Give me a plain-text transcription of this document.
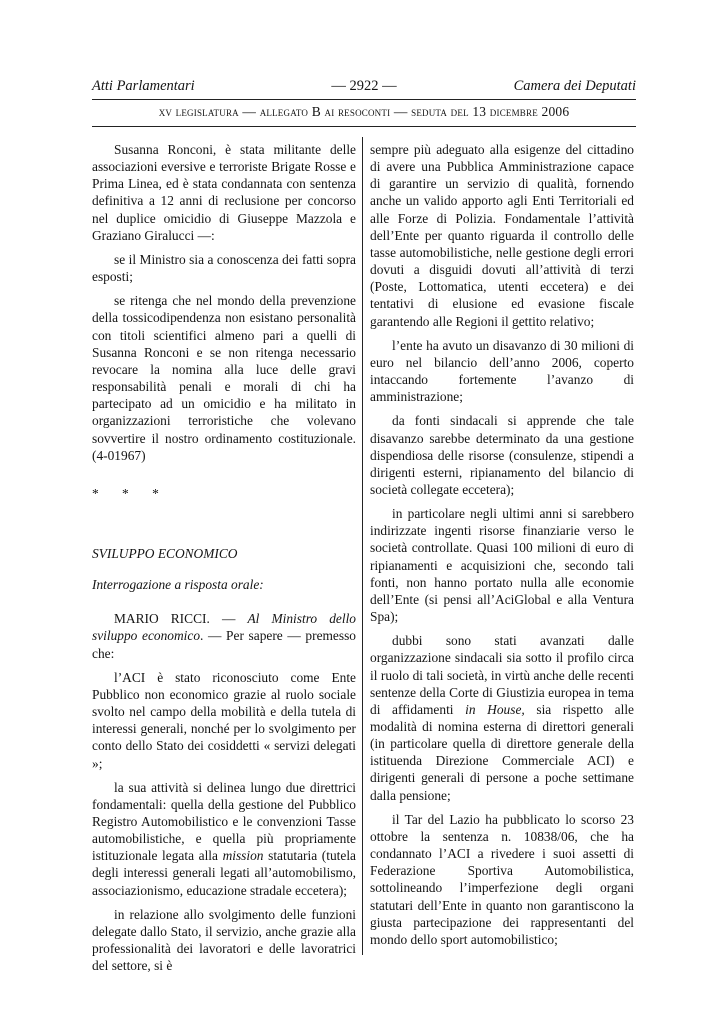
Atti Parlamentari	— 2922 —	Camera dei Deputati
xv legislatura — allegato B ai resoconti — seduta del 13 dicembre 2006

Susanna Ronconi, è stata militante delle associazioni eversive e terroriste Brigate Rosse e Prima Linea, ed è stata condannata con sentenza definitiva a 12 anni di reclusione per concorso nel duplice omicidio di Giuseppe Mazzola e Graziano Giralucci —:

se il Ministro sia a conoscenza dei fatti sopra esposti;

se ritenga che nel mondo della prevenzione della tossicodipendenza non esistano personalità con titoli scientifici almeno pari a quelli di Susanna Ronconi e se non ritenga necessario revocare la nomina alla luce delle gravi responsabilità penali e morali di chi ha partecipato ad un omicidio e ha militato in organizzazioni terroristiche che volevano sovvertire il nostro ordinamento costituzionale. (4-01967)

* * *

SVILUPPO ECONOMICO

Interrogazione a risposta orale:

MARIO RICCI. — Al Ministro dello sviluppo economico. — Per sapere — premesso che:

l’ACI è stato riconosciuto come Ente Pubblico non economico grazie al ruolo sociale svolto nel campo della mobilità e della tutela di interessi generali, nonché per lo svolgimento per conto dello Stato dei cosiddetti « servizi delegati »;

la sua attività si delinea lungo due direttrici fondamentali: quella della gestione del Pubblico Registro Automobilistico e le convenzioni Tasse automobilistiche, e quella più propriamente istituzionale legata alla mission statutaria (tutela degli interessi generali legati all’automobilismo, associazionismo, educazione stradale eccetera);

in relazione allo svolgimento delle funzioni delegate dallo Stato, il servizio, anche grazie alla professionalità dei lavoratori e delle lavoratrici del settore, si è

sempre più adeguato alla esigenze del cittadino di avere una Pubblica Amministrazione capace di garantire un servizio di qualità, fornendo anche un valido apporto agli Enti Territoriali ed alle Forze di Polizia. Fondamentale l’attività dell’Ente per quanto riguarda il controllo delle tasse automobilistiche, nelle gestione degli errori dovuti a disguidi dovuti all’attività di terzi (Poste, Lottomatica, utenti eccetera) e dei tentativi di elusione ed evasione fiscale garantendo alle Regioni il gettito relativo;

l’ente ha avuto un disavanzo di 30 milioni di euro nel bilancio dell’anno 2006, coperto intaccando fortemente l’avanzo di amministrazione;

da fonti sindacali si apprende che tale disavanzo sarebbe determinato da una gestione dispendiosa delle risorse (consulenze, stipendi a dirigenti esterni, ripianamento del bilancio di società collegate eccetera);

in particolare negli ultimi anni si sarebbero indirizzate ingenti risorse finanziarie verso le società controllate. Quasi 100 milioni di euro di ripianamenti e acquisizioni che, secondo tali fonti, non hanno portato nulla alle economie dell’Ente (si pensi all’AciGlobal e alla Ventura Spa);

dubbi sono stati avanzati dalle organizzazione sindacali sia sotto il profilo circa il ruolo di tali società, in virtù anche delle recenti sentenze della Corte di Giustizia europea in tema di affidamenti in House, sia rispetto alle modalità di nomina esterna di direttori generali (in particolare quella di direttore generale della istituenda Direzione Commerciale ACI) e dirigenti generali di persone a poche settimane dalla pensione;

il Tar del Lazio ha pubblicato lo scorso 23 ottobre la sentenza n. 10838/06, che ha condannato l’ACI a rivedere i suoi assetti di Federazione Sportiva Automobilistica, sottolineando l’imperfezione degli organi statutari dell’Ente in quanto non garantiscono la giusta partecipazione dei rappresentanti del mondo dello sport automobilistico;
